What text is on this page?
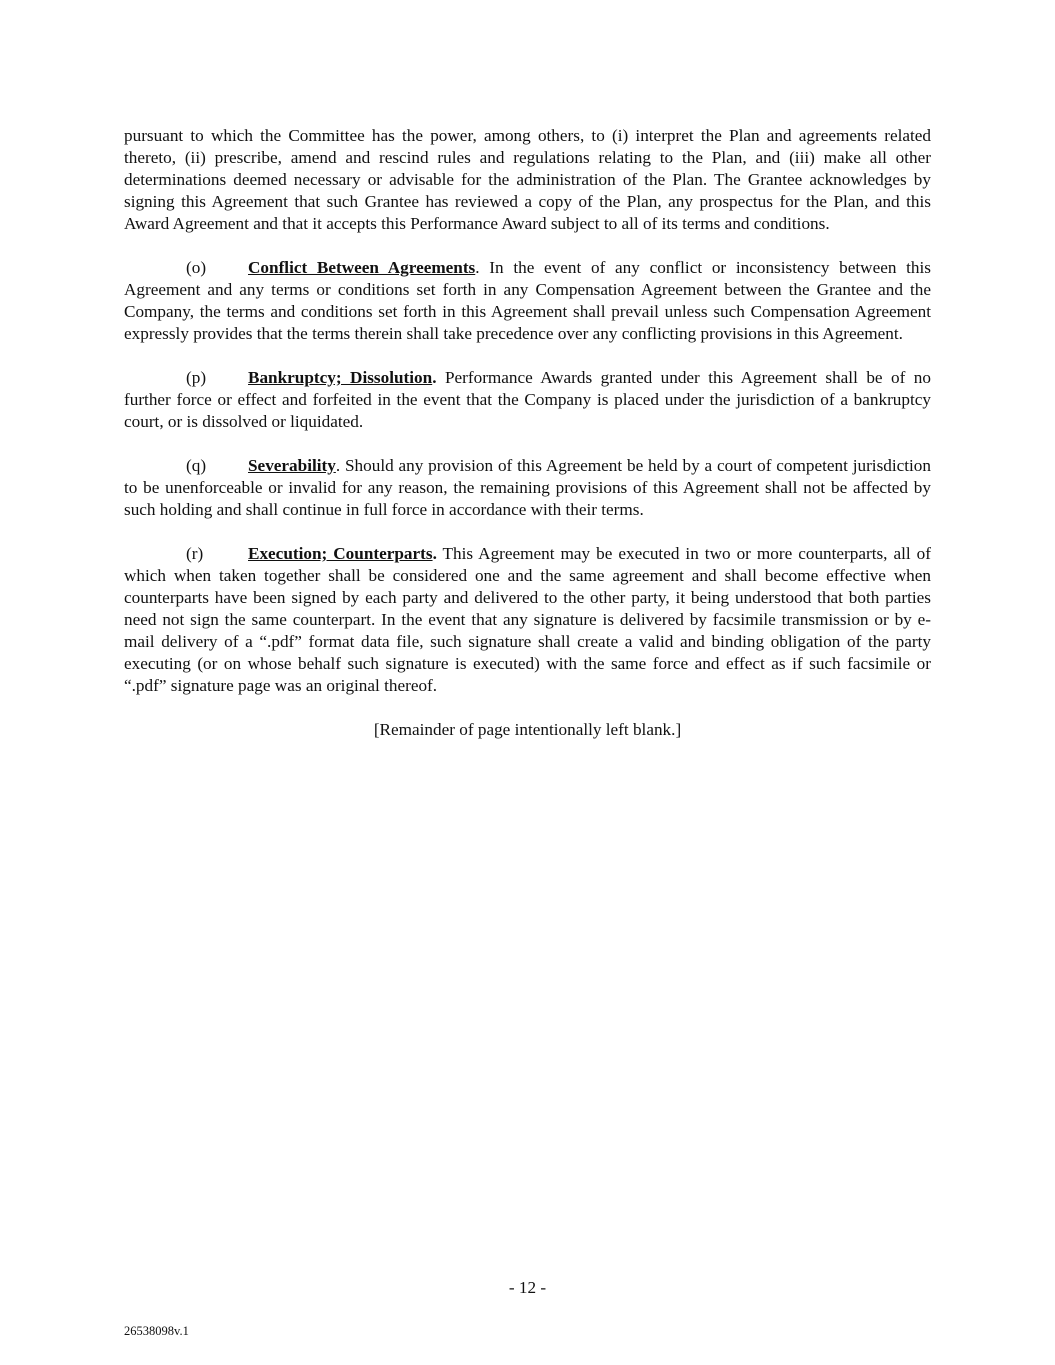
pursuant to which the Committee has the power, among others, to (i) interpret the Plan and agreements related thereto, (ii) prescribe, amend and rescind rules and regulations relating to the Plan, and (iii) make all other determinations deemed necessary or advisable for the administration of the Plan. The Grantee acknowledges by signing this Agreement that such Grantee has reviewed a copy of the Plan, any prospectus for the Plan, and this Award Agreement and that it accepts this Performance Award subject to all of its terms and conditions.

(o) Conflict Between Agreements. In the event of any conflict or inconsistency between this Agreement and any terms or conditions set forth in any Compensation Agreement between the Grantee and the Company, the terms and conditions set forth in this Agreement shall prevail unless such Compensation Agreement expressly provides that the terms therein shall take precedence over any conflicting provisions in this Agreement.

(p) Bankruptcy; Dissolution. Performance Awards granted under this Agreement shall be of no further force or effect and forfeited in the event that the Company is placed under the jurisdiction of a bankruptcy court, or is dissolved or liquidated.

(q) Severability. Should any provision of this Agreement be held by a court of competent jurisdiction to be unenforceable or invalid for any reason, the remaining provisions of this Agreement shall not be affected by such holding and shall continue in full force in accordance with their terms.

(r)	Execution; Counterparts. This Agreement may be executed in two or more counterparts, all of which when taken together shall be considered one and the same agreement and shall become effective when counterparts have been signed by each party and delivered to the other party, it being understood that both parties need not sign the same counterpart. In the event that any signature is delivered by facsimile transmission or by e-mail delivery of a “.pdf” format data file, such signature shall create a valid and binding obligation of the party executing (or on whose behalf such signature is executed) with the same force and effect as if such facsimile or “.pdf” signature page was an original thereof.

[Remainder of page intentionally left blank.]

- 12 -
26538098v.1
